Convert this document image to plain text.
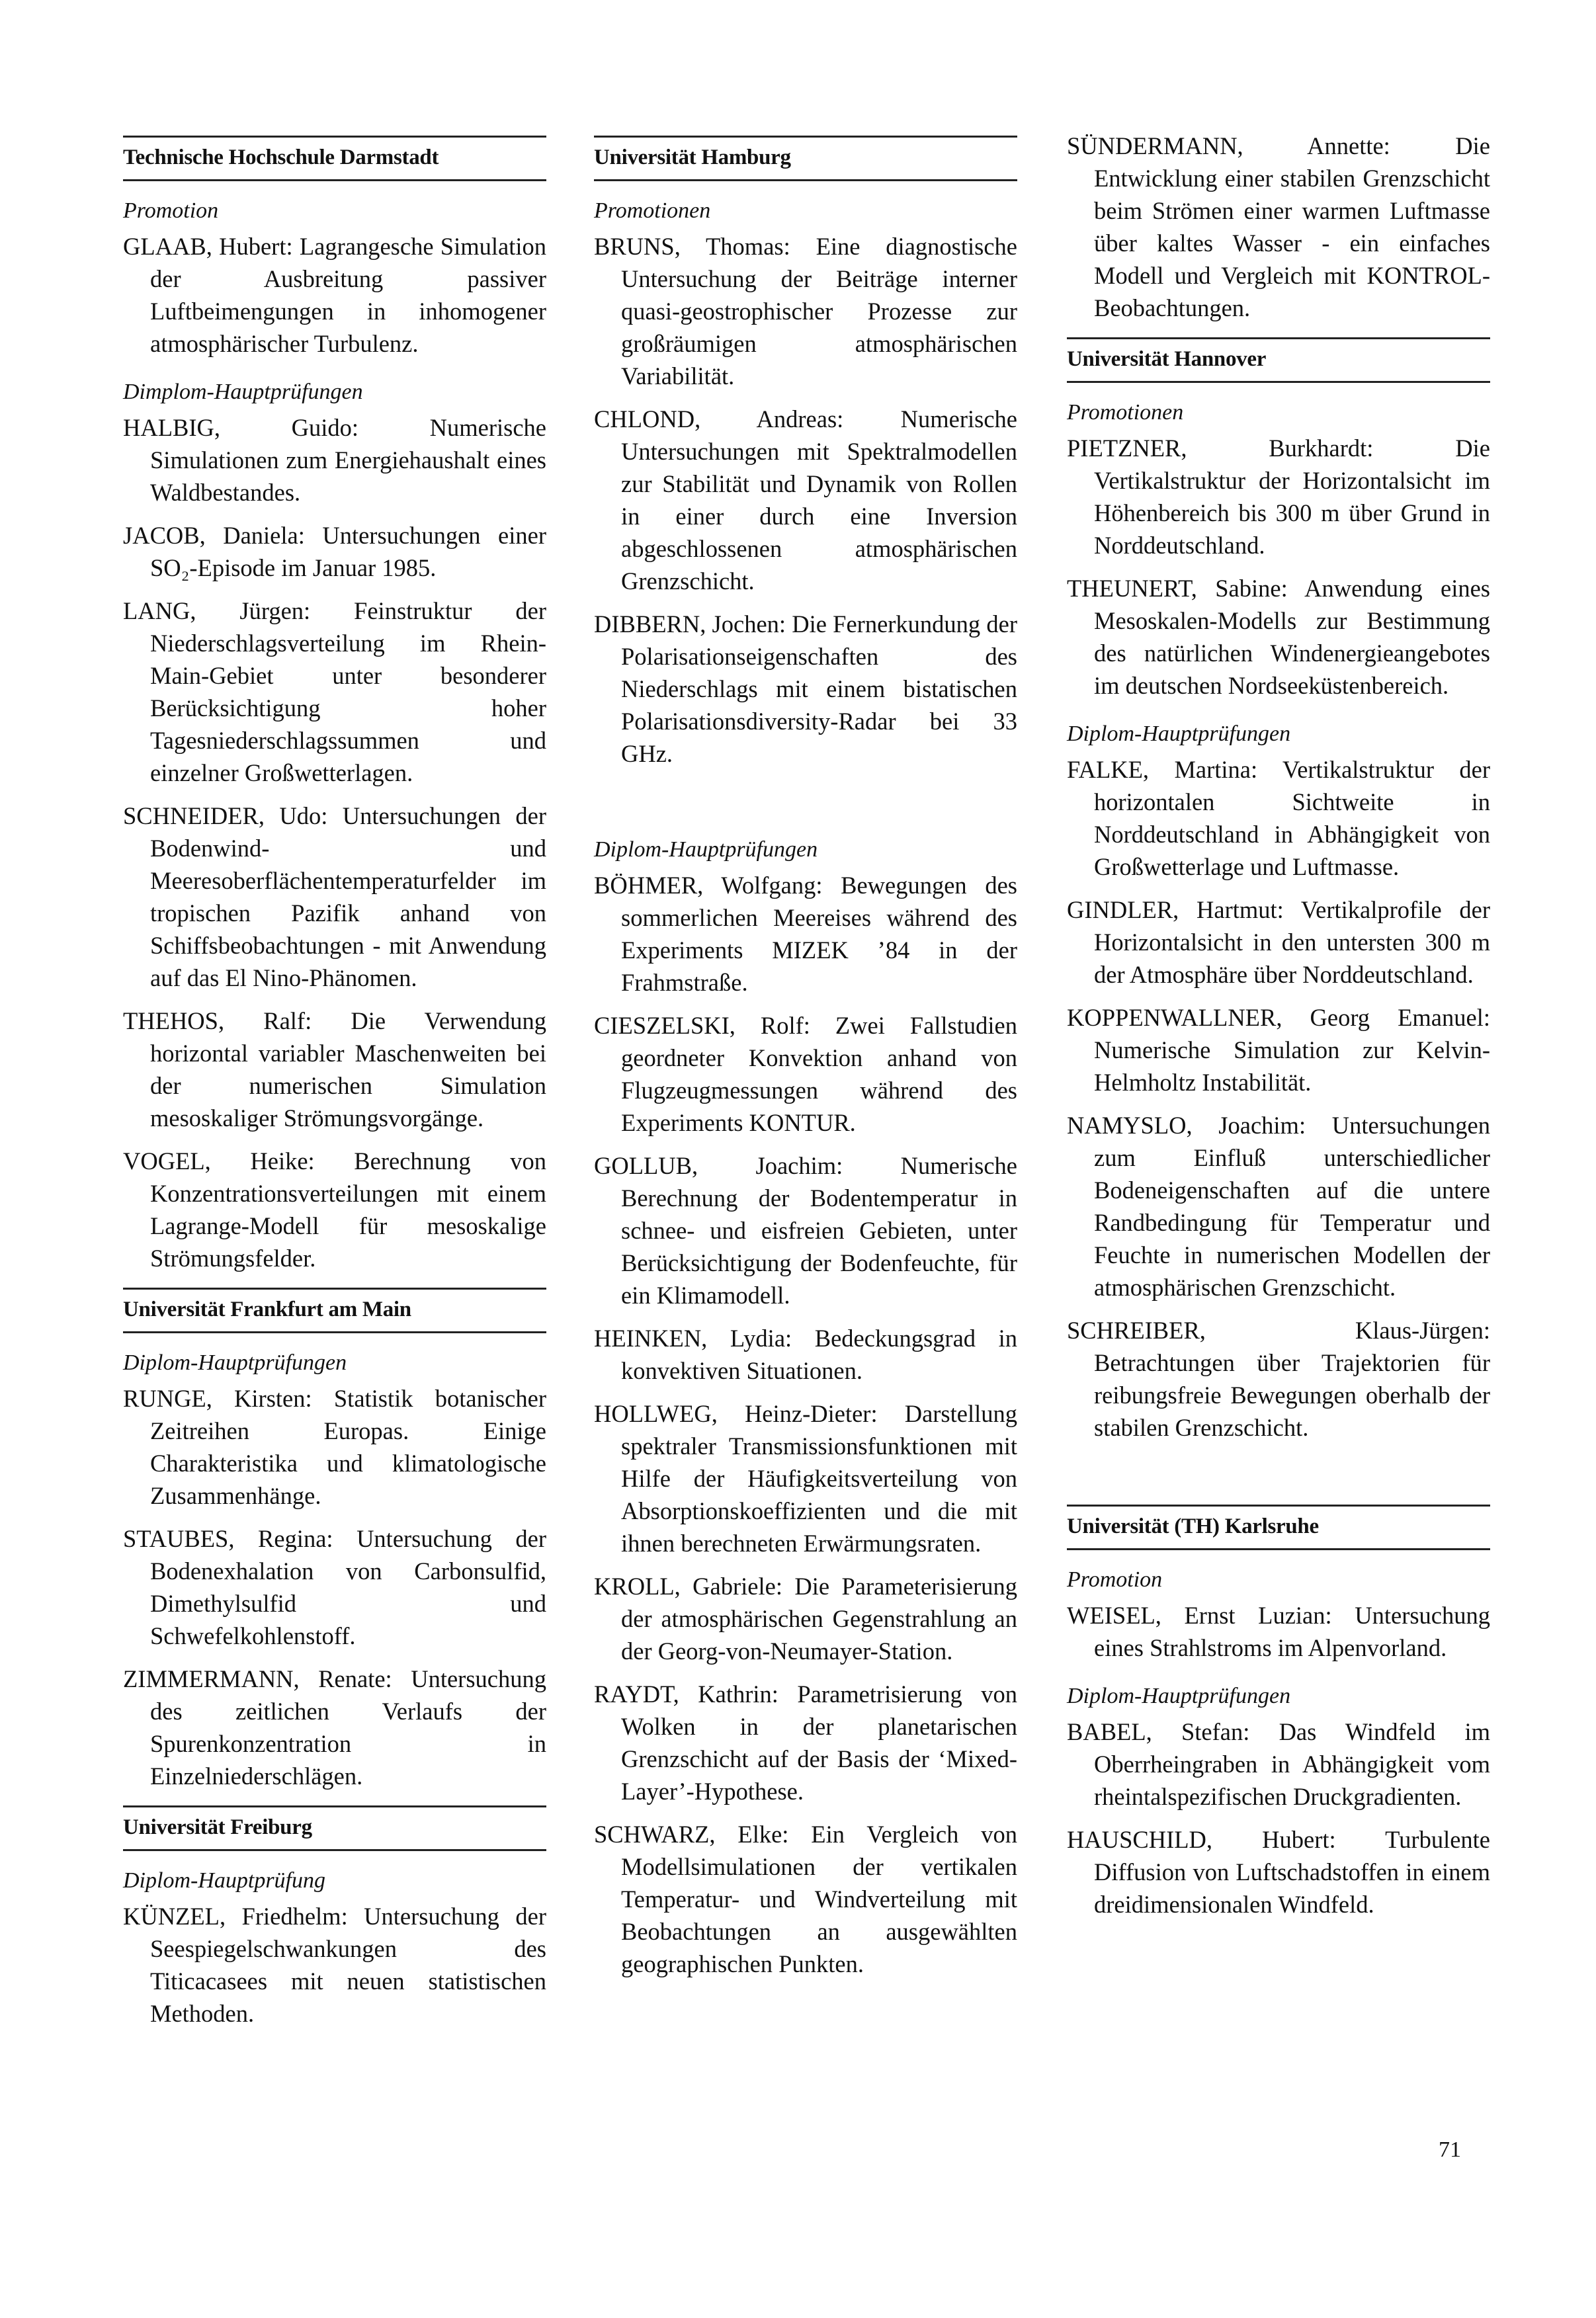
Technische Hochschule Darmstadt
Promotion

GLAAB, Hubert: Lagrangesche Simulation der Ausbreitung passiver Luftbeimengungen in inhomogener atmosphärischer Turbulenz.

Dimplom-Hauptprüfungen

HALBIG, Guido: Numerische Simulationen zum Energiehaushalt eines Waldbestandes.

JACOB, Daniela: Untersuchungen einer SO₂-Episode im Januar 1985.

LANG, Jürgen: Feinstruktur der Niederschlagsverteilung im Rhein-Main-Gebiet unter besonderer Berücksichtigung hoher Tagesniederschlagssummen und einzelner Großwetterlagen.

SCHNEIDER, Udo: Untersuchungen der Bodenwind- und Meeresoberflächentemperaturfelder im tropischen Pazifik anhand von Schiffsbeobachtungen - mit Anwendung auf das El Nino-Phänomen.

THEHOS, Ralf: Die Verwendung horizontal variabler Maschenweiten bei der numerischen Simulation mesoskaliger Strömungsvorgänge.

VOGEL, Heike: Berechnung von Konzentrationsverteilungen mit einem Lagrange-Modell für mesoskalige Strömungsfelder.

Universität Frankfurt am Main
Diplom-Hauptprüfungen

RUNGE, Kirsten: Statistik botanischer Zeitreihen Europas. Einige Charakteristika und klimatologische Zusammenhänge.

STAUBES, Regina: Untersuchung der Bodenexhalation von Carbonsulfid, Dimethylsulfid und Schwefelkohlenstoff.

ZIMMERMANN, Renate: Untersuchung des zeitlichen Verlaufs der Spurenkonzentration in Einzelniederschlägen.

Universität Freiburg
Diplom-Hauptprüfung

KÜNZEL, Friedhelm: Untersuchung der Seespiegelschwankungen des Titicacasees mit neuen statistischen Methoden.

Universität Hamburg
Promotionen

BRUNS, Thomas: Eine diagnostische Untersuchung der Beiträge interner quasi-geostrophischer Prozesse zur großräumigen atmosphärischen Variabilität.

CHLOND, Andreas: Numerische Untersuchungen mit Spektralmodellen zur Stabilität und Dynamik von Rollen in einer durch eine Inversion abgeschlossenen atmosphärischen Grenzschicht.

DIBBERN, Jochen: Die Fernerkundung der Polarisationseigenschaften des Niederschlags mit einem bistatischen Polarisationsdiversity-Radar bei 33 GHz.

Diplom-Hauptprüfungen

BÖHMER, Wolfgang: Bewegungen des sommerlichen Meereises während des Experiments MIZEK ’84 in der Frahmstraße.

CIESZELSKI, Rolf: Zwei Fallstudien geordneter Konvektion anhand von Flugzeugmessungen während des Experiments KONTUR.

GOLLUB, Joachim: Numerische Berechnung der Bodentemperatur in schnee- und eisfreien Gebieten, unter Berücksichtigung der Bodenfeuchte, für ein Klimamodell.

HEINKEN, Lydia: Bedeckungsgrad in konvektiven Situationen.

HOLLWEG, Heinz-Dieter: Darstellung spektraler Transmissionsfunktionen mit Hilfe der Häufigkeitsverteilung von Absorptionskoeffizienten und die mit ihnen berechneten Erwärmungsraten.

KROLL, Gabriele: Die Parameterisierung der atmosphärischen Gegenstrahlung an der Georg-von-Neumayer-Station.

RAYDT, Kathrin: Parametrisierung von Wolken in der planetarischen Grenzschicht auf der Basis der ‘Mixed-Layer’-Hypothese.

SCHWARZ, Elke: Ein Vergleich von Modellsimulationen der vertikalen Temperatur- und Windverteilung mit Beobachtungen an ausgewählten geographischen Punkten.

SÜNDERMANN, Annette: Die Entwicklung einer stabilen Grenzschicht beim Strömen einer warmen Luftmasse über kaltes Wasser - ein einfaches Modell und Vergleich mit KONTROL-Beobachtungen.

Universität Hannover
Promotionen

PIETZNER, Burkhardt: Die Vertikalstruktur der Horizontalsicht im Höhenbereich bis 300 m über Grund in Norddeutschland.

THEUNERT, Sabine: Anwendung eines Mesoskalen-Modells zur Bestimmung des natürlichen Windenergieangebotes im deutschen Nordseeküstenbereich.

Diplom-Hauptprüfungen

FALKE, Martina: Vertikalstruktur der horizontalen Sichtweite in Norddeutschland in Abhängigkeit von Großwetterlage und Luftmasse.

GINDLER, Hartmut: Vertikalprofile der Horizontalsicht in den untersten 300 m der Atmosphäre über Norddeutschland.

KOPPENWALLNER, Georg Emanuel: Numerische Simulation zur Kelvin-Helmholtz Instabilität.

NAMYSLO, Joachim: Untersuchungen zum Einfluß unterschiedlicher Bodeneigenschaften auf die untere Randbedingung für Temperatur und Feuchte in numerischen Modellen der atmosphärischen Grenzschicht.

SCHREIBER, Klaus-Jürgen: Betrachtungen über Trajektorien für reibungsfreie Bewegungen oberhalb der stabilen Grenzschicht.

Universität (TH) Karlsruhe
Promotion

WEISEL, Ernst Luzian: Untersuchung eines Strahlstroms im Alpenvorland.

Diplom-Hauptprüfungen

BABEL, Stefan: Das Windfeld im Oberrheingraben in Abhängigkeit vom rheintalspezifischen Druckgradienten.

HAUSCHILD, Hubert: Turbulente Diffusion von Luftschadstoffen in einem dreidimensionalen Windfeld.

71
